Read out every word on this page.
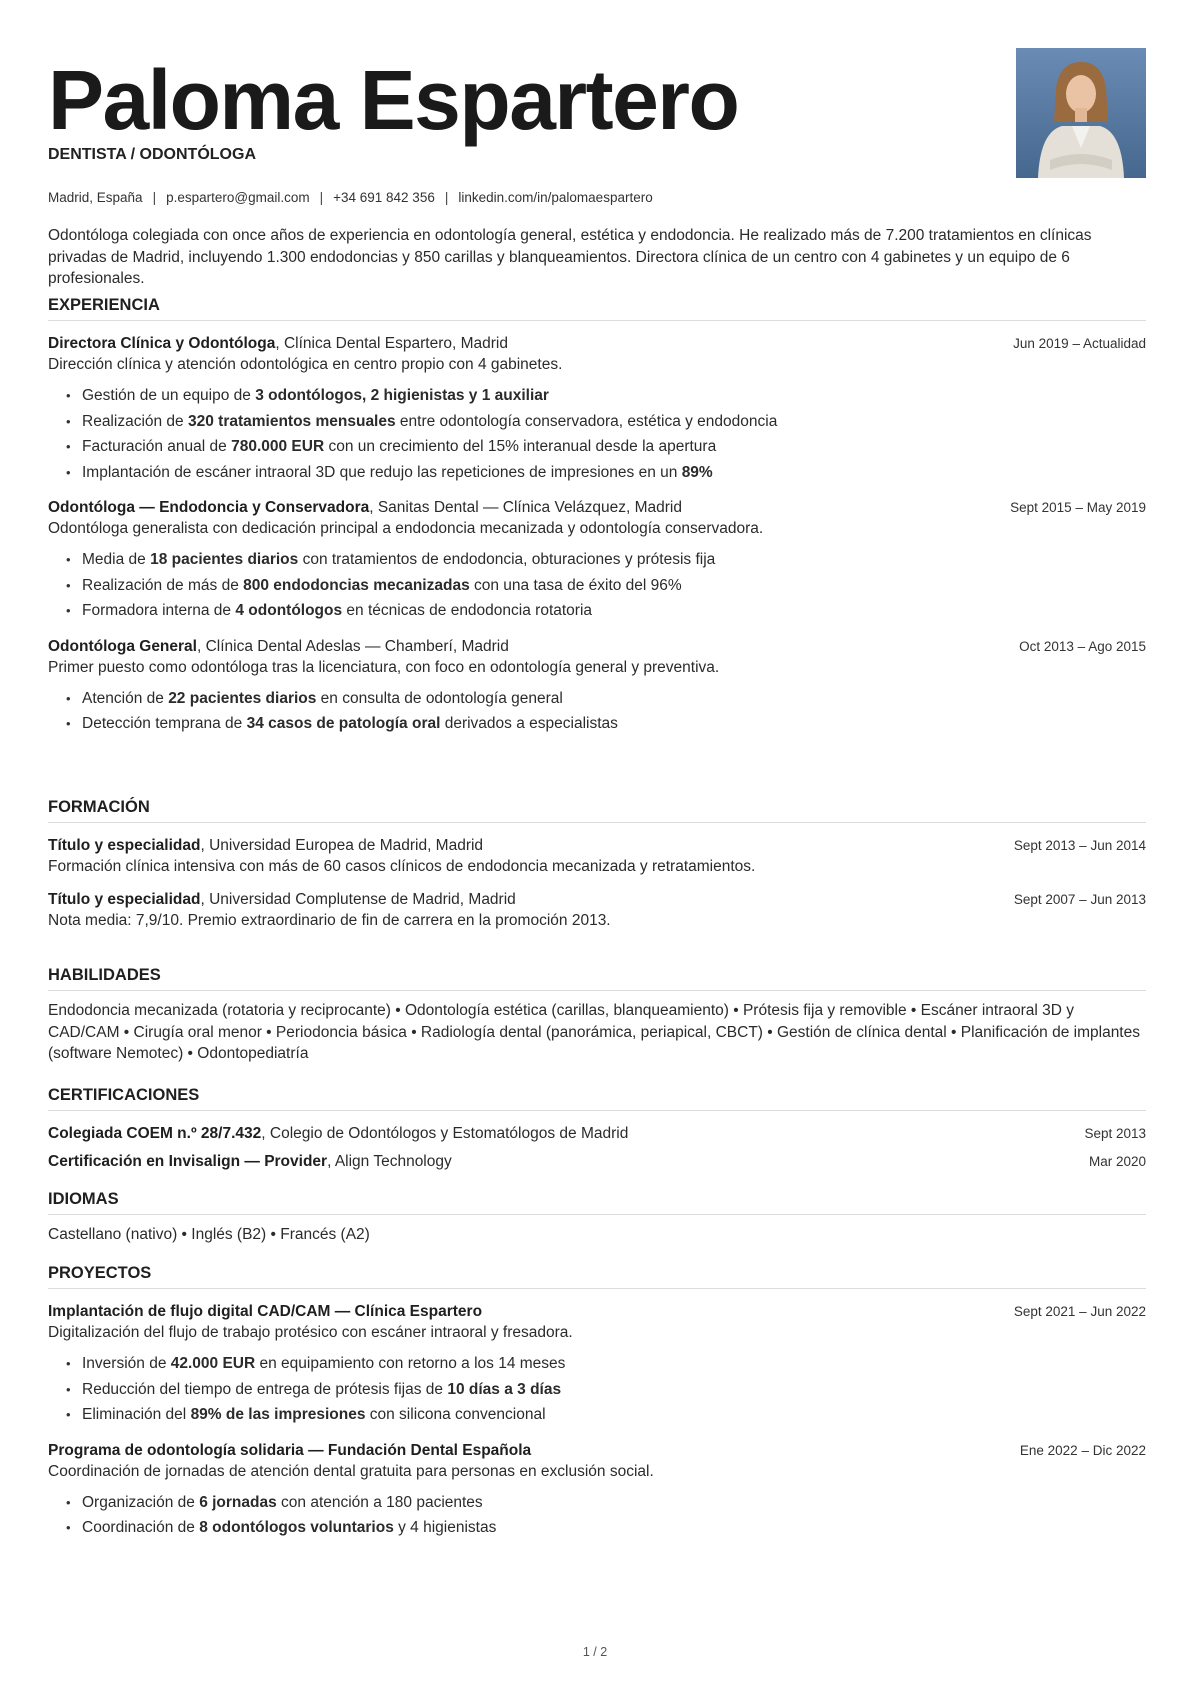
Paloma Espartero
DENTISTA / ODONTÓLOGA
Madrid, España | p.espartero@gmail.com | +34 691 842 356 | linkedin.com/in/palomaespartero

Odontóloga colegiada con once años de experiencia en odontología general, estética y endodoncia. He realizado más de 7.200 tratamientos en clínicas privadas de Madrid, incluyendo 1.300 endodoncias y 850 carillas y blanqueamientos. Directora clínica de un centro con 4 gabinetes y un equipo de 6 profesionales.

EXPERIENCIA
Directora Clínica y Odontóloga, Clínica Dental Espartero, Madrid	Jun 2019 – Actualidad
Dirección clínica y atención odontológica en centro propio con 4 gabinetes.
• Gestión de un equipo de 3 odontólogos, 2 higienistas y 1 auxiliar
• Realización de 320 tratamientos mensuales entre odontología conservadora, estética y endodoncia
• Facturación anual de 780.000 EUR con un crecimiento del 15% interanual desde la apertura
• Implantación de escáner intraoral 3D que redujo las repeticiones de impresiones en un 89%
Odontóloga — Endodoncia y Conservadora, Sanitas Dental — Clínica Velázquez, Madrid	Sept 2015 – May 2019
Odontóloga generalista con dedicación principal a endodoncia mecanizada y odontología conservadora.
• Media de 18 pacientes diarios con tratamientos de endodoncia, obturaciones y prótesis fija
• Realización de más de 800 endodoncias mecanizadas con una tasa de éxito del 96%
• Formadora interna de 4 odontólogos en técnicas de endodoncia rotatoria
Odontóloga General, Clínica Dental Adeslas — Chamberí, Madrid	Oct 2013 – Ago 2015
Primer puesto como odontóloga tras la licenciatura, con foco en odontología general y preventiva.
• Atención de 22 pacientes diarios en consulta de odontología general
• Detección temprana de 34 casos de patología oral derivados a especialistas
FORMACIÓN
Título y especialidad, Universidad Europea de Madrid, Madrid	Sept 2013 – Jun 2014
Formación clínica intensiva con más de 60 casos clínicos de endodoncia mecanizada y retratamientos.
Título y especialidad, Universidad Complutense de Madrid, Madrid	Sept 2007 – Jun 2013
Nota media: 7,9/10. Premio extraordinario de fin de carrera en la promoción 2013.
HABILIDADES
Endodoncia mecanizada (rotatoria y reciprocante) • Odontología estética (carillas, blanqueamiento) • Prótesis fija y removible • Escáner intraoral 3D y CAD/CAM • Cirugía oral menor • Periodoncia básica • Radiología dental (panorámica, periapical, CBCT) • Gestión de clínica dental • Planificación de implantes (software Nemotec) • Odontopediatría
CERTIFICACIONES
Colegiada COEM n.º 28/7.432, Colegio de Odontólogos y Estomatólogos de Madrid	Sept 2013
Certificación en Invisalign — Provider, Align Technology	Mar 2020
IDIOMAS
Castellano (nativo) • Inglés (B2) • Francés (A2)
PROYECTOS
Implantación de flujo digital CAD/CAM — Clínica Espartero	Sept 2021 – Jun 2022
Digitalización del flujo de trabajo protésico con escáner intraoral y fresadora.
• Inversión de 42.000 EUR en equipamiento con retorno a los 14 meses
• Reducción del tiempo de entrega de prótesis fijas de 10 días a 3 días
• Eliminación del 89% de las impresiones con silicona convencional
Programa de odontología solidaria — Fundación Dental Española	Ene 2022 – Dic 2022
Coordinación de jornadas de atención dental gratuita para personas en exclusión social.
• Organización de 6 jornadas con atención a 180 pacientes
• Coordinación de 8 odontólogos voluntarios y 4 higienistas
1 / 2
